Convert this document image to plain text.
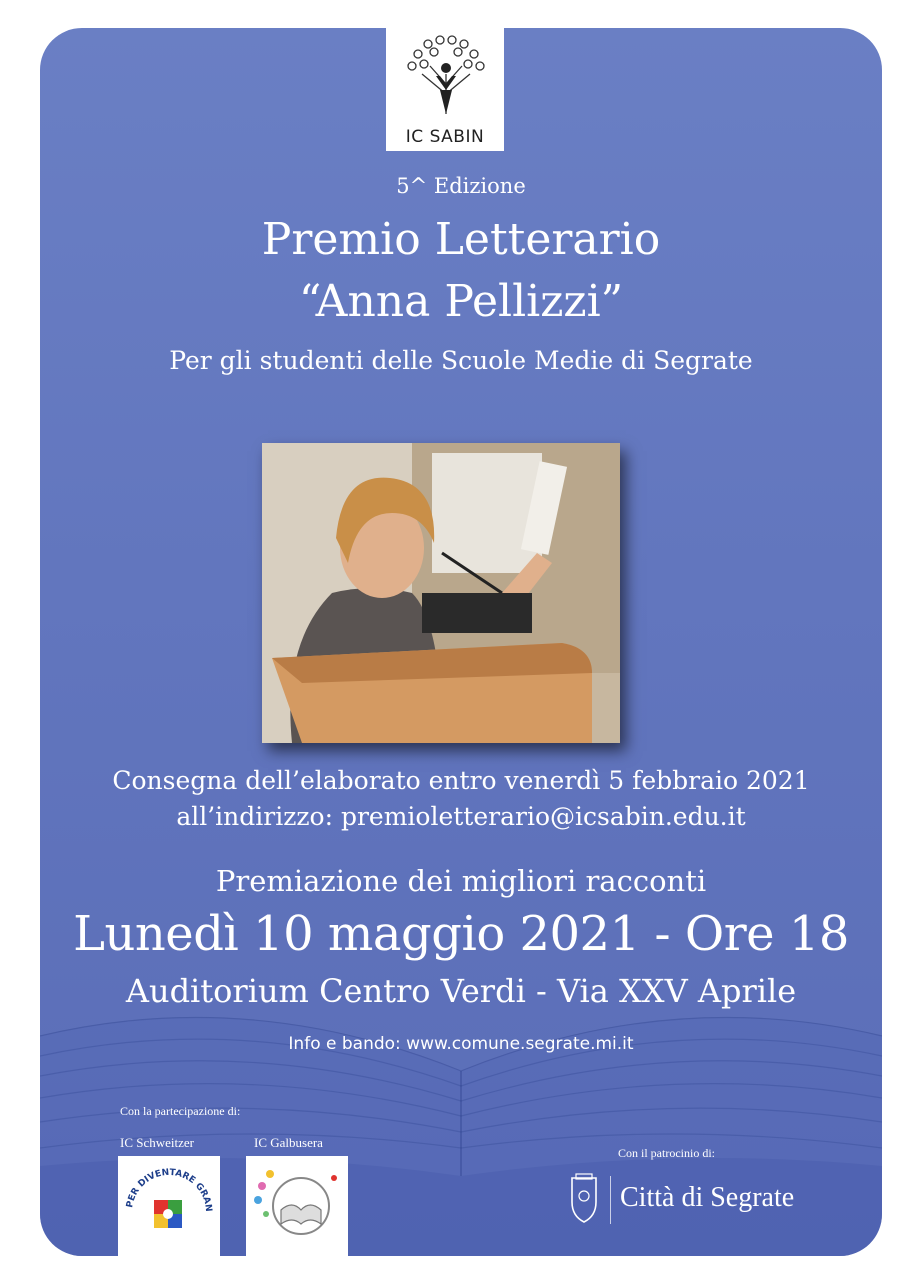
IC SABIN
5^ Edizione
Premio Letterario
“Anna Pellizzi”
Per gli studenti delle Scuole Medie di Segrate
Consegna dell’elaborato entro venerdì 5 febbraio 2021
all’indirizzo: premioletterario@icsabin.edu.it
Premiazione dei migliori racconti
Lunedì 10 maggio 2021 - Ore 18
Auditorium Centro Verdi - Via XXV Aprile
Info e bando: www.comune.segrate.mi.it
Con la partecipazione di:
IC Schweitzer	IC Galbusera
PER DIVENTARE GRAN
Con il patrocinio di:
Città di Segrate
